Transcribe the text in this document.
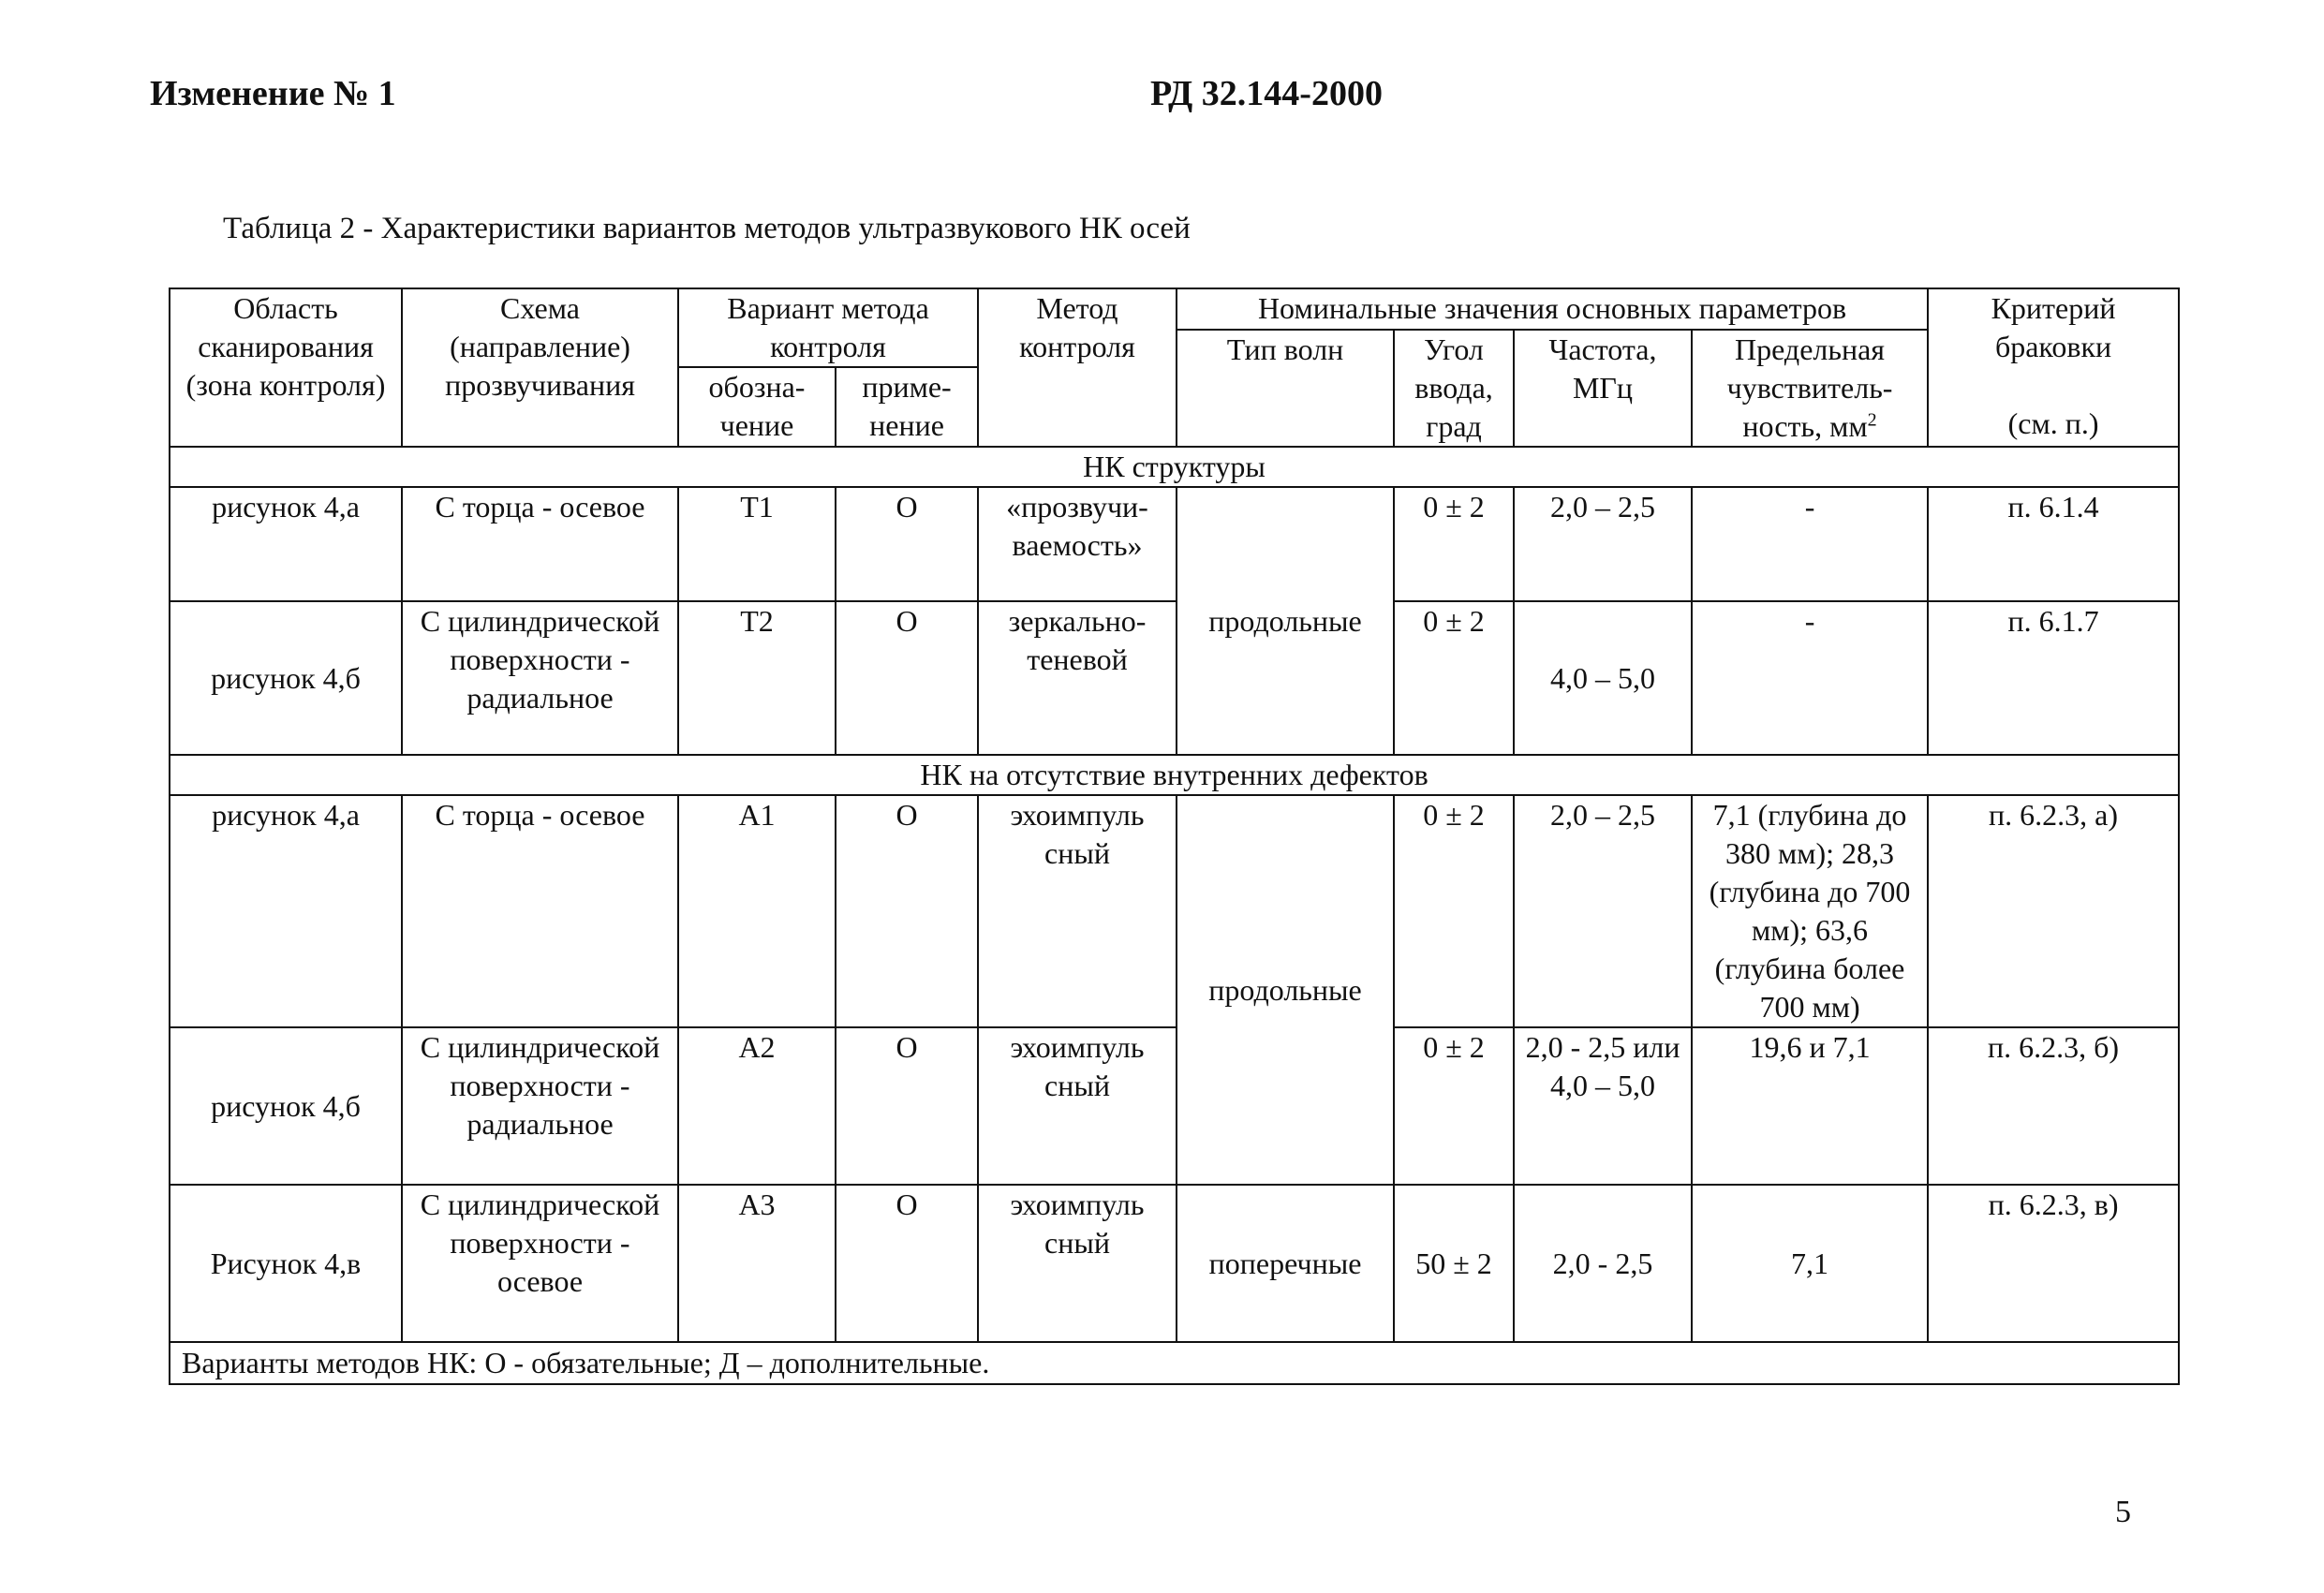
Изменение № 1	РД 32.144-2000
Таблица 2 - Характеристики вариантов методов ультразвукового НК осей
Область сканирования (зона контроля)	Схема (направление) прозвучивания	Вариант метода контроля		Метод контроля	Номинальные значения основных параметров				Критерий браковки
(см. п.)

					Тип волн	Угол ввода, град	Частота, МГц	Предельная чувствитель-ность, $мм^2$
		обозна-чение	приме-нение						

НК структуры									
рисунок 4,а	С торца - осевое	Т1	О	«прозвучи-ваемость»	продольные	0 ± 2	2,0 – 2,5	-	п. 6.1.4
рисунок 4,б	С цилиндрической поверхности - радиальное	Т2	О	зеркально-теневой		0 ± 2	4,0 – 5,0	-	п. 6.1.7
НК на отсутствие внутренних дефектов									
рисунок 4,а	С торца - осевое	А1	О	эхоимпуль сный	продольные	0 ± 2	2,0 – 2,5	7,1 (глубина до 380 мм); 28,3 (глубина до 700 мм); 63,6 (глубина более 700 мм)	п. 6.2.3, а)
рисунок 4,б	С цилиндрической поверхности - радиальное	А2	О	эхоимпуль сный		0 ± 2	2,0 - 2,5 или 4,0 – 5,0	19,6 и 7,1	п. 6.2.3, б)
Рисунок 4,в	С цилиндрической поверхности - осевое	А3	О	эхоимпуль сный	поперечные	50 ± 2	2,0 - 2,5	7,1	п. 6.2.3, в)
Варианты методов НК: О - обязательные; Д – дополнительные.									
5
